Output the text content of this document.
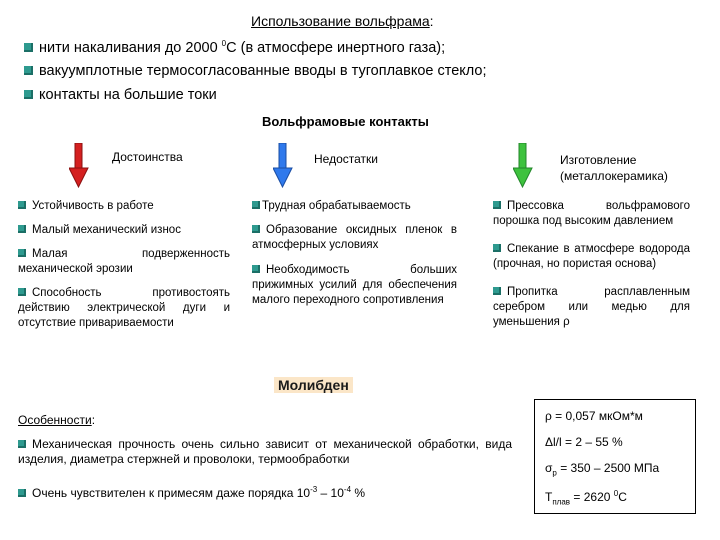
Использование вольфрама:
нити накаливания до 2000 $^0$С (в атмосфере инертного газа);
вакуумплотные термосогласованные вводы в тугоплавкое стекло;
контакты на большие токи
Вольфрамовые контакты
Достоинства	Недостатки	Изготовление
(металлокерамика)

Устойчивость в работе

Малый механический износ

Малая подверженность механической эрозии

Способность противостоять действию электрической дуги и отсутствие привариваемости

Трудная обрабатываемость

Образование оксидных пленок в атмосферных условиях

Необходимость больших прижимных усилий для обеспечения малого переходного сопротивления

Прессовка вольфрамового порошка под высоким давлением

Спекание в атмосфере водорода (прочная, но пористая основа)

Пропитка расплавленным серебром или медью для уменьшения ρ

Молибден
Особенности:

Механическая прочность очень сильно зависит от механической обработки, вида изделия, диаметра стержней и проволоки, термообработки

Очень чувствителен к примесям даже порядка $10^{-3} - 10^{-4}$ %

ρ = 0,057 мкОм*м
Δl/l = 2 – 55 %
$\sigma_р = 350 - 2500$ МПа
$T_{плав} = 2620$ $^0$С
